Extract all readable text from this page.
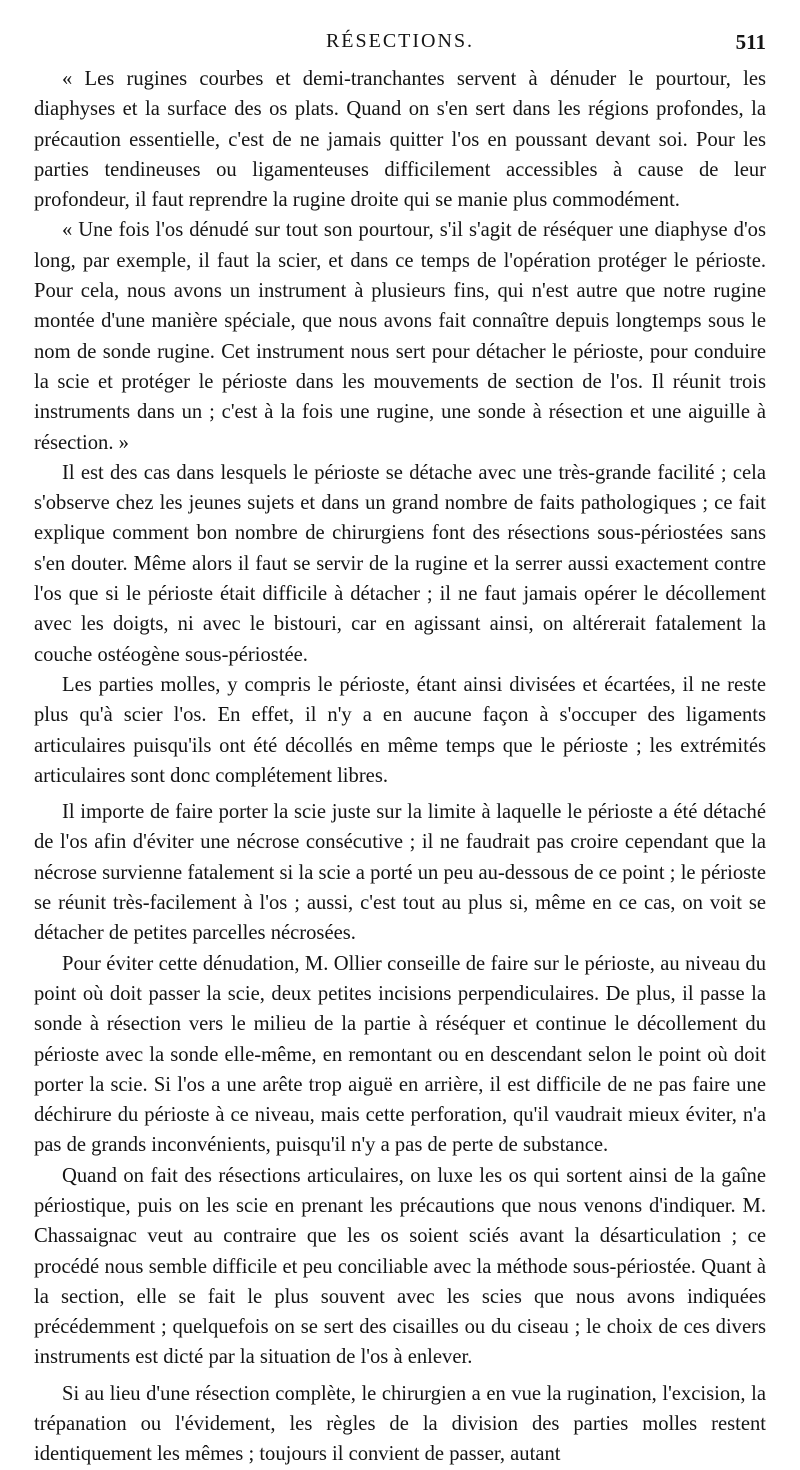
RÉSECTIONS.	511

« Les rugines courbes et demi-tranchantes servent à dénuder le pourtour, les diaphyses et la surface des os plats. Quand on s'en sert dans les régions profondes, la précaution essentielle, c'est de ne jamais quitter l'os en poussant devant soi. Pour les parties tendineuses ou ligamenteuses difficilement accessibles à cause de leur profondeur, il faut reprendre la rugine droite qui se manie plus commodément.

« Une fois l'os dénudé sur tout son pourtour, s'il s'agit de réséquer une diaphyse d'os long, par exemple, il faut la scier, et dans ce temps de l'opération protéger le périoste. Pour cela, nous avons un instrument à plusieurs fins, qui n'est autre que notre rugine montée d'une manière spéciale, que nous avons fait connaître depuis longtemps sous le nom de sonde rugine. Cet instrument nous sert pour détacher le périoste, pour conduire la scie et protéger le périoste dans les mouvements de section de l'os. Il réunit trois instruments dans un ; c'est à la fois une rugine, une sonde à résection et une aiguille à résection. »

Il est des cas dans lesquels le périoste se détache avec une très-grande facilité ; cela s'observe chez les jeunes sujets et dans un grand nombre de faits pathologiques ; ce fait explique comment bon nombre de chirurgiens font des résections sous-périostées sans s'en douter. Même alors il faut se servir de la rugine et la serrer aussi exactement contre l'os que si le périoste était difficile à détacher ; il ne faut jamais opérer le décollement avec les doigts, ni avec le bistouri, car en agissant ainsi, on altérerait fatalement la couche ostéogène sous-périostée.

Les parties molles, y compris le périoste, étant ainsi divisées et écartées, il ne reste plus qu'à scier l'os. En effet, il n'y a en aucune façon à s'occuper des ligaments articulaires puisqu'ils ont été décollés en même temps que le périoste ; les extrémités articulaires sont donc complétement libres.

Il importe de faire porter la scie juste sur la limite à laquelle le périoste a été détaché de l'os afin d'éviter une nécrose consécutive ; il ne faudrait pas croire cependant que la nécrose survienne fatalement si la scie a porté un peu au-dessous de ce point ; le périoste se réunit très-facilement à l'os ; aussi, c'est tout au plus si, même en ce cas, on voit se détacher de petites parcelles nécrosées.

Pour éviter cette dénudation, M. Ollier conseille de faire sur le périoste, au niveau du point où doit passer la scie, deux petites incisions perpendiculaires. De plus, il passe la sonde à résection vers le milieu de la partie à réséquer et continue le décollement du périoste avec la sonde elle-même, en remontant ou en descendant selon le point où doit porter la scie. Si l'os a une arête trop aiguë en arrière, il est difficile de ne pas faire une déchirure du périoste à ce niveau, mais cette perforation, qu'il vaudrait mieux éviter, n'a pas de grands inconvénients, puisqu'il n'y a pas de perte de substance.

Quand on fait des résections articulaires, on luxe les os qui sortent ainsi de la gaîne périostique, puis on les scie en prenant les précautions que nous venons d'indiquer. M. Chassaignac veut au contraire que les os soient sciés avant la désarticulation ; ce procédé nous semble difficile et peu conciliable avec la méthode sous-périostée. Quant à la section, elle se fait le plus souvent avec les scies que nous avons indiquées précédemment ; quelquefois on se sert des cisailles ou du ciseau ; le choix de ces divers instruments est dicté par la situation de l'os à enlever.

Si au lieu d'une résection complète, le chirurgien a en vue la rugination, l'excision, la trépanation ou l'évidement, les règles de la division des parties molles restent identiquement les mêmes ; toujours il convient de passer, autant
